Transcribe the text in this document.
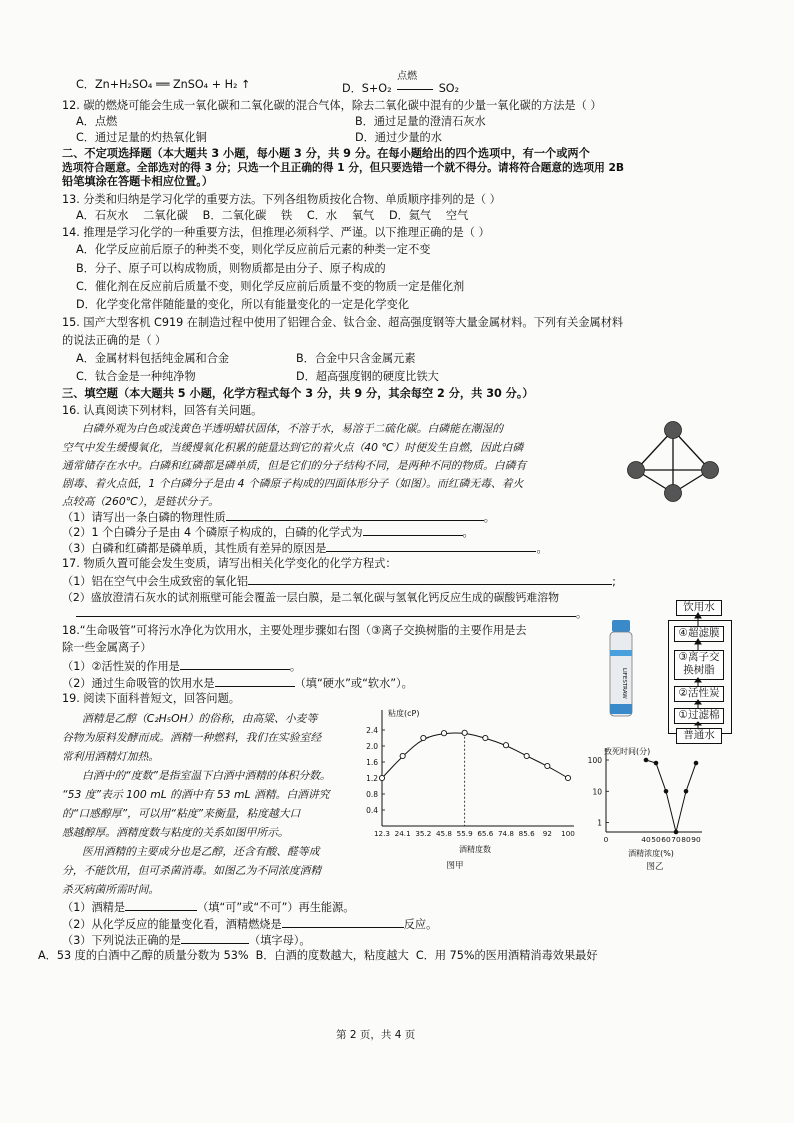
C．Zn+H₂SO₄ ══ ZnSO₄ + H₂ ↑	D．S+O₂
点燃
SO₂
12. 碳的燃烧可能会生成一氧化碳和二氧化碳的混合气体，除去二氧化碳中混有的少量一氧化碳的方法是（ ）
A．点燃	B．通过足量的澄清石灰水
C．通过足量的灼热氧化铜	D．通过少量的水
二、不定项选择题（本大题共 3 小题，每小题 3 分，共 9 分。在每小题给出的四个选项中，有一个或两个
选项符合题意。全部选对的得 3 分；只选一个且正确的得 1 分，但只要选错一个就不得分。请将符合题意的选项用 2B
铅笔填涂在答题卡相应位置。）
13. 分类和归纳是学习化学的重要方法。下列各组物质按化合物、单质顺序排列的是（ ）
A．石灰水　 二氧化碳　 B．二氧化碳　 铁　 C．水　 氧气　 D．氦气　 空气
14. 推理是学习化学的一种重要方法，但推理必须科学、严谨。以下推理正确的是（ ）
A．化学反应前后原子的种类不变，则化学反应前后元素的种类一定不变
B．分子、原子可以构成物质，则物质都是由分子、原子构成的
C．催化剂在反应前后质量不变，则化学反应前后质量不变的物质一定是催化剂
D．化学变化常伴随能量的变化，所以有能量变化的一定是化学变化
15. 国产大型客机 C919 在制造过程中使用了铝锂合金、钛合金、超高强度钢等大量金属材料。下列有关金属材料
的说法正确的是（ ）
A．金属材料包括纯金属和合金	B．合金中只含金属元素
C．钛合金是一种纯净物	D．超高强度钢的硬度比铁大
三、填空题（本大题共 5 小题，化学方程式每个 3 分，共 9 分，其余每空 2 分，共 30 分。）
16. 认真阅读下列材料，回答有关问题。
白磷外观为白色或浅黄色半透明蜡状固体，不溶于水，易溶于二硫化碳。白磷能在潮湿的
空气中发生缓慢氧化，当缓慢氧化积累的能量达到它的着火点（40 ℃）时便发生自燃，因此白磷
通常储存在水中。白磷和红磷都是磷单质，但是它们的分子结构不同，是两种不同的物质。白磷有
剧毒、着火点低，1 个白磷分子是由 4 个磷原子构成的四面体形分子（如图）。而红磷无毒、着火
点较高（260℃），是链状分子。
（1）请写出一条白磷的物理性质	。
（2）1 个白磷分子是由 4 个磷原子构成的，白磷的化学式为	。
（3）白磷和红磷都是磷单质，其性质有差异的原因是	。
17. 物质久置可能会发生变质，请写出相关化学变化的化学方程式：
（1）铝在空气中会生成致密的氧化铝	;
（2）盛放澄清石灰水的试剂瓶壁可能会覆盖一层白膜，是二氧化碳与氢氧化钙反应生成的碳酸钙难溶物
。
18.“生命吸管”可将污水净化为饮用水，主要处理步骤如右图（③离子交换树脂的主要作用是去
除一些金属离子）
（1）②活性炭的作用是	。
（2）通过生命吸管的饮用水是	（填“硬水”或“软水”）。	LIFESTRAW
饮用水
④超滤膜
③离子交
换树脂
②活性炭
①过滤棉
普通水
19. 阅读下面科普短文，回答问题。
酒精是乙醇（C₂H₅OH）的俗称，由高粱、小麦等
谷物为原料发酵而成。酒精一种燃料，我们在实验室经
常利用酒精灯加热。
白酒中的“度数”是指室温下白酒中酒精的体积分数。
“53 度”表示 100 mL 的酒中有 53 mL 酒精。白酒讲究
的“口感醇厚”，可以用“粘度”来衡量，粘度越大口
感越醇厚。酒精度数与粘度的关系如图甲所示。
医用酒精的主要成分也是乙醇，还含有酸、醛等成
分，不能饮用，但可杀菌消毒。如图乙为不同浓度酒精
杀灭病菌所需时间。
（1）酒精是	（填“可”或“不可”）再生能源。
（2）从化学反应的能量变化看，酒精燃烧是	反应。
（3）下列说法正确的是	（填字母）。
A．53 度的白酒中乙醇的质量分数为 53% B．白酒的度数越大，粘度越大 C．用 75%的医用酒精消毒效果最好
粘度(cP)
0.4
0.8
1.2
1.6
2.0
2.4
12.3 24.1 35.2 45.8 55.9 65.6 74.8 85.6 92 100
酒精度数
图甲
致死时间(分)
1
10
100
0	40 50 60 70 80 90
酒精浓度(%)
图乙
第 2 页，共 4 页
